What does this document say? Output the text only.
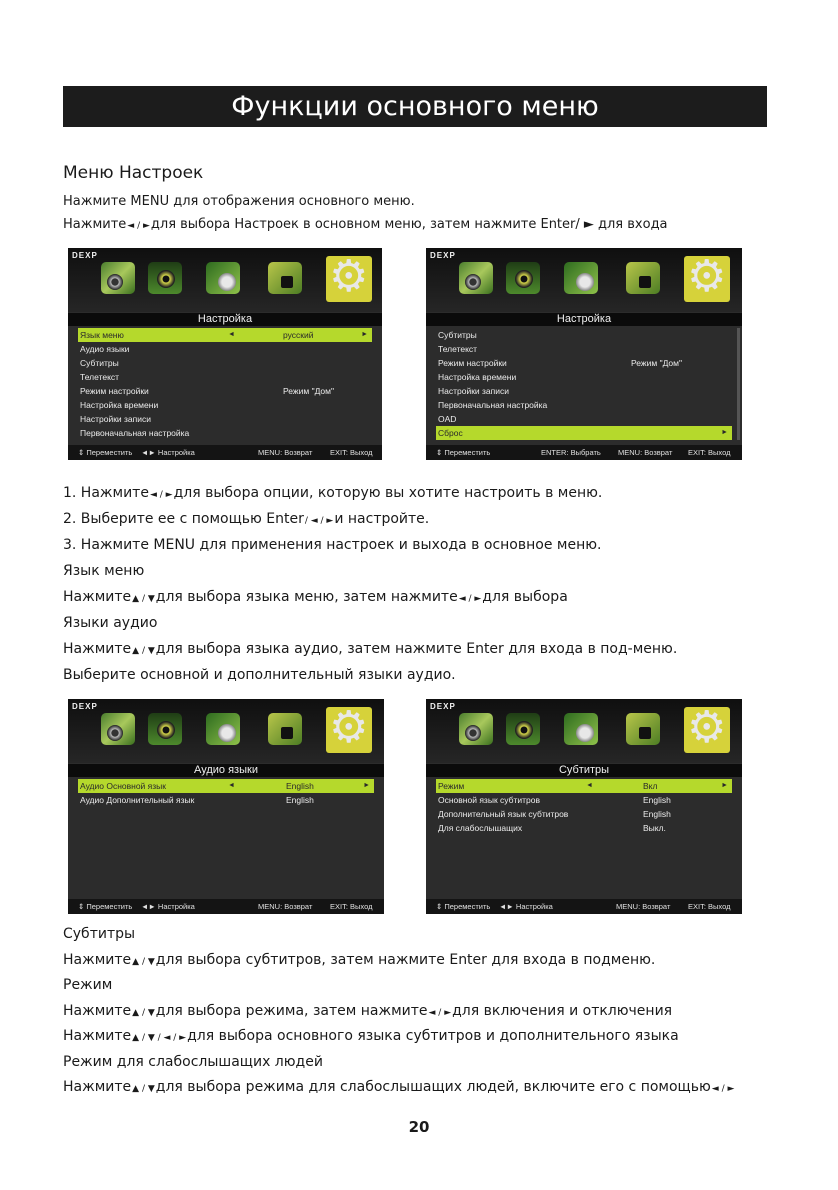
Функции основного меню
Меню Настроек
Нажмите MENU для отображения основного меню.
Нажмите◄ / ►для выбора Настроек в основном меню, затем нажмите Enter/ ► для входа
DEXP
⚙
Настройка
Язык меню	русский
◄	►
Аудио языки
Субтитры
Телетекст
Режим настройки	Режим "Дом"
Настройка времени
Настройки записи
Первоначальная настройка
⇕ Переместить ◄► Настройка	MENU: Возврат EXIT: Выход
DEXP
⚙
Настройка
Субтитры
Телетекст
Режим настройки	Режим "Дом"
Настройка времени
Настройки записи
Первоначальная настройка
OAD
Сброс	►
⇕ Переместить	ENTER: Выбрать MENU: Возврат EXIT: Выход
DEXP
⚙
Аудио языки
Аудио Основной язык	English
◄	►
Аудио Дополнительный язык	English
⇕ Переместить ◄► Настройка	MENU: Возврат EXIT: Выход
DEXP
⚙
Субтитры
Режим	Вкл
◄	►
Основной язык субтитров	English
Дополнительный язык субтитров	English
Для слабослышащих	Выкл.
⇕ Переместить ◄► Настройка	MENU: Возврат EXIT: Выход
1. Нажмите◄ / ►для выбора опции, которую вы хотите настроить в меню.
2. Выберите ее с помощью Enter/ ◄ / ►и настройте.
3. Нажмите MENU для применения настроек и выхода в основное меню.
Язык меню
Нажмите▲ / ▼для выбора языка меню, затем нажмите◄ / ►для выбора
Языки аудио
Нажмите▲ / ▼для выбора языка аудио, затем нажмите Enter для входа в под-меню.
Выберите основной и дополнительный языки аудио.
Субтитры
Нажмите▲ / ▼для выбора субтитров, затем нажмите Enter для входа в подменю.
Режим
Нажмите▲ / ▼для выбора режима, затем нажмите◄ / ►для включения и отключения
Нажмите▲ / ▼ / ◄ / ►для выбора основного языка субтитров и дополнительного языка
Режим для слабослышащих людей
Нажмите▲ / ▼для выбора режима для слабослышащих людей, включите его с помощью◄ / ►
20
